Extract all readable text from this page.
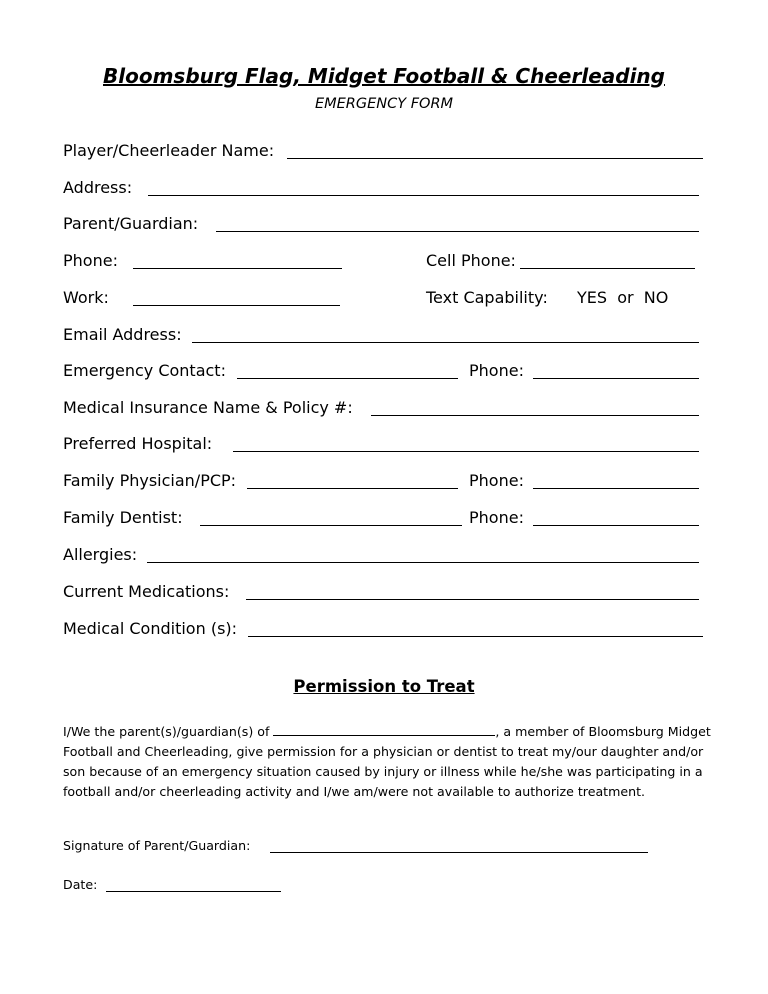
Bloomsburg Flag, Midget Football & Cheerleading
EMERGENCY FORM
Player/Cheerleader Name:
Address:
Parent/Guardian:
Phone:	Cell Phone:
Work:	Text Capability: YES  or  NO
Email Address:
Emergency Contact:	Phone:
Medical Insurance Name & Policy #:
Preferred Hospital:
Family Physician/PCP:	Phone:
Family Dentist:	Phone:
Allergies:
Current Medications:
Medical Condition (s):
Permission to Treat
I/We the parent(s)/guardian(s) of	, a member of Bloomsburg Midget Football and Cheerleading, give permission for a physician or dentist to treat my/our daughter and/or son because of an emergency situation caused by injury or illness while he/she was participating in a football and/or cheerleading activity and I/we am/were not available to authorize treatment.
Signature of Parent/Guardian:
Date:
